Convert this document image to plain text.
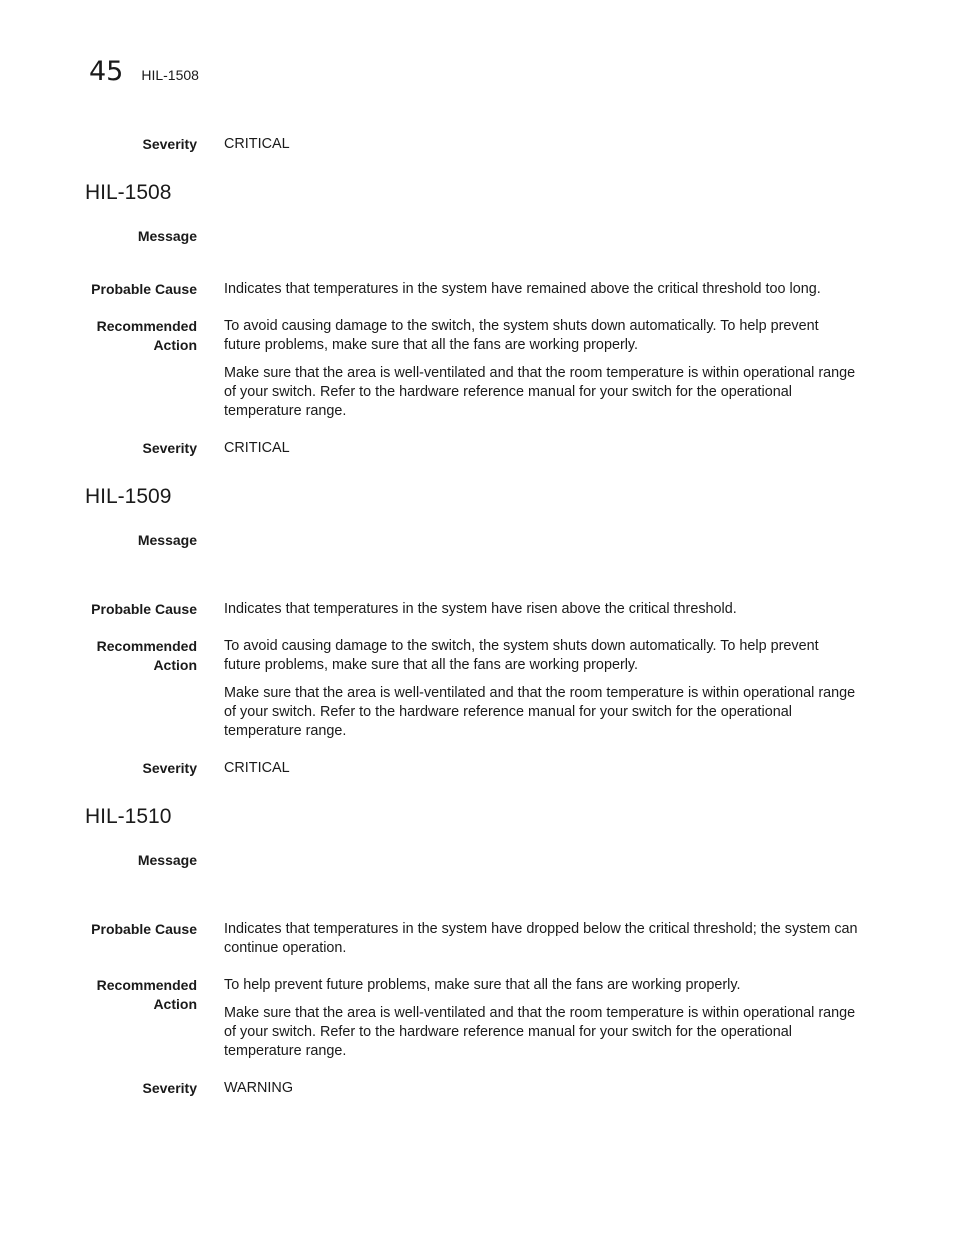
45 HIL-1508
Severity CRITICAL
HIL-1508
Message
Probable Cause Indicates that temperatures in the system have remained above the critical threshold too long.
Recommended
Action

To avoid causing damage to the switch, the system shuts down automatically. To help prevent future problems, make sure that all the fans are working properly.

Make sure that the area is well-ventilated and that the room temperature is within operational range of your switch. Refer to the hardware reference manual for your switch for the operational temperature range.

Severity CRITICAL
HIL-1509
Message
Probable Cause Indicates that temperatures in the system have risen above the critical threshold.
Recommended
Action

To avoid causing damage to the switch, the system shuts down automatically. To help prevent future problems, make sure that all the fans are working properly.

Make sure that the area is well-ventilated and that the room temperature is within operational range of your switch. Refer to the hardware reference manual for your switch for the operational temperature range.

Severity CRITICAL
HIL-1510
Message
Probable Cause Indicates that temperatures in the system have dropped below the critical threshold; the system can continue operation.
Recommended
Action

To help prevent future problems, make sure that all the fans are working properly.

Make sure that the area is well-ventilated and that the room temperature is within operational range of your switch. Refer to the hardware reference manual for your switch for the operational temperature range.

Severity WARNING
